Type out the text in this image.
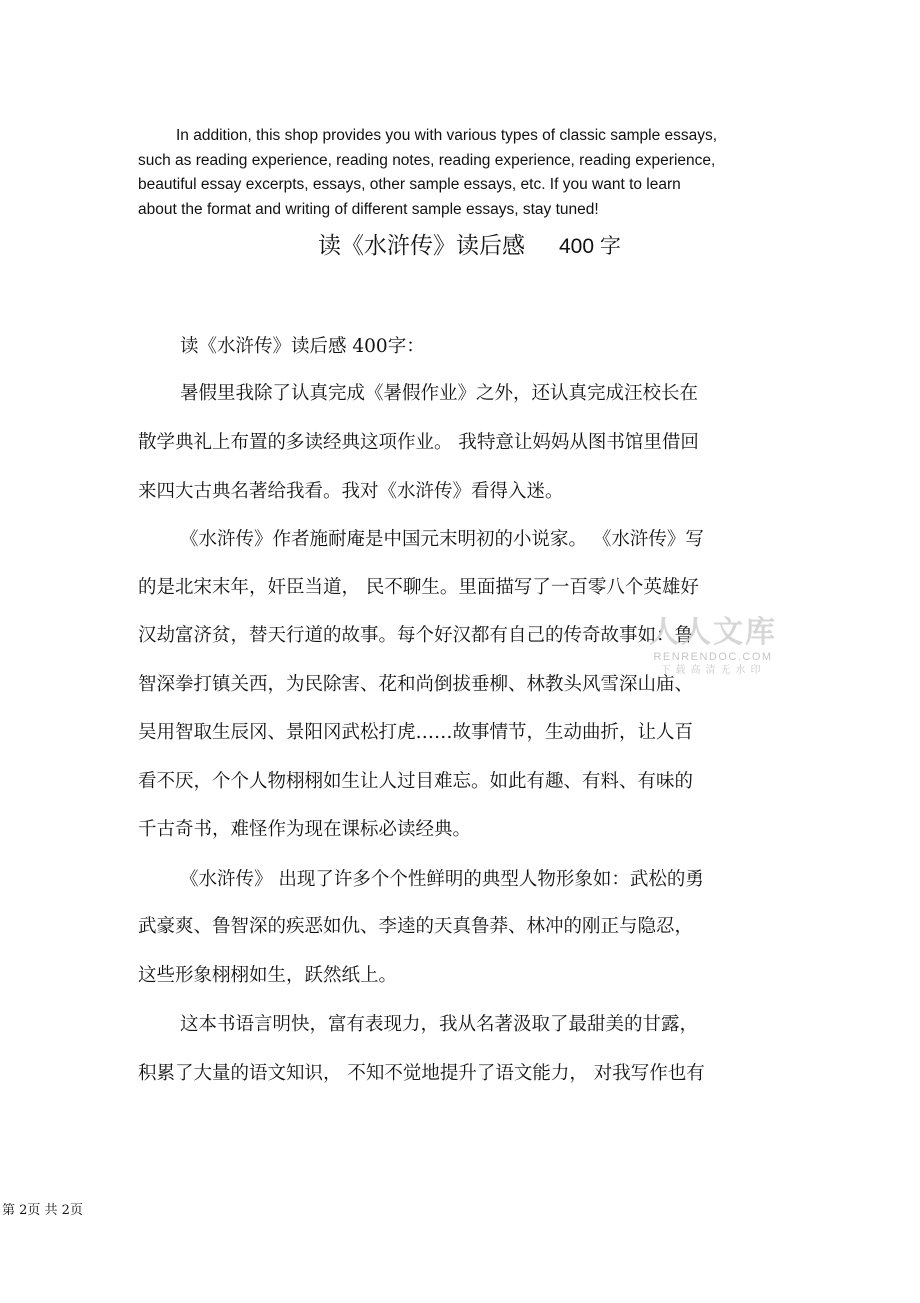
In addition, this shop provides you with various types of classic sample essays,
such as reading experience, reading notes, reading experience, reading experience,
beautiful essay excerpts, essays, other sample essays, etc. If you want to learn
about the format and writing of different sample essays, stay tuned!
读《水浒传》读后感 400 字
读《水浒传》读后感 400字：
暑假里我除了认真完成《暑假作业》之外，还认真完成汪校长在
散学典礼上布置的多读经典这项作业。 我特意让妈妈从图书馆里借回
来四大古典名著给我看。我对《水浒传》看得入迷。
《水浒传》作者施耐庵是中国元末明初的小说家。 《水浒传》写
的是北宋末年，奸臣当道， 民不聊生。里面描写了一百零八个英雄好
汉劫富济贫，替天行道的故事。每个好汉都有自己的传奇故事如：鲁
智深拳打镇关西，为民除害、花和尚倒拔垂柳、林教头风雪深山庙、
吴用智取生辰冈、景阳冈武松打虎……故事情节，生动曲折，让人百
看不厌，个个人物栩栩如生让人过目难忘。如此有趣、有料、有味的
千古奇书，难怪作为现在课标必读经典。
《水浒传》 出现了许多个个性鲜明的典型人物形象如：武松的勇
武豪爽、鲁智深的疾恶如仇、李逵的天真鲁莽、林冲的刚正与隐忍，
这些形象栩栩如生，跃然纸上。
这本书语言明快，富有表现力，我从名著汲取了最甜美的甘露，
积累了大量的语文知识， 不知不觉地提升了语文能力， 对我写作也有
人人文库
RENRENDOC.COM
下载高清无水印
第 2页 共 2页
